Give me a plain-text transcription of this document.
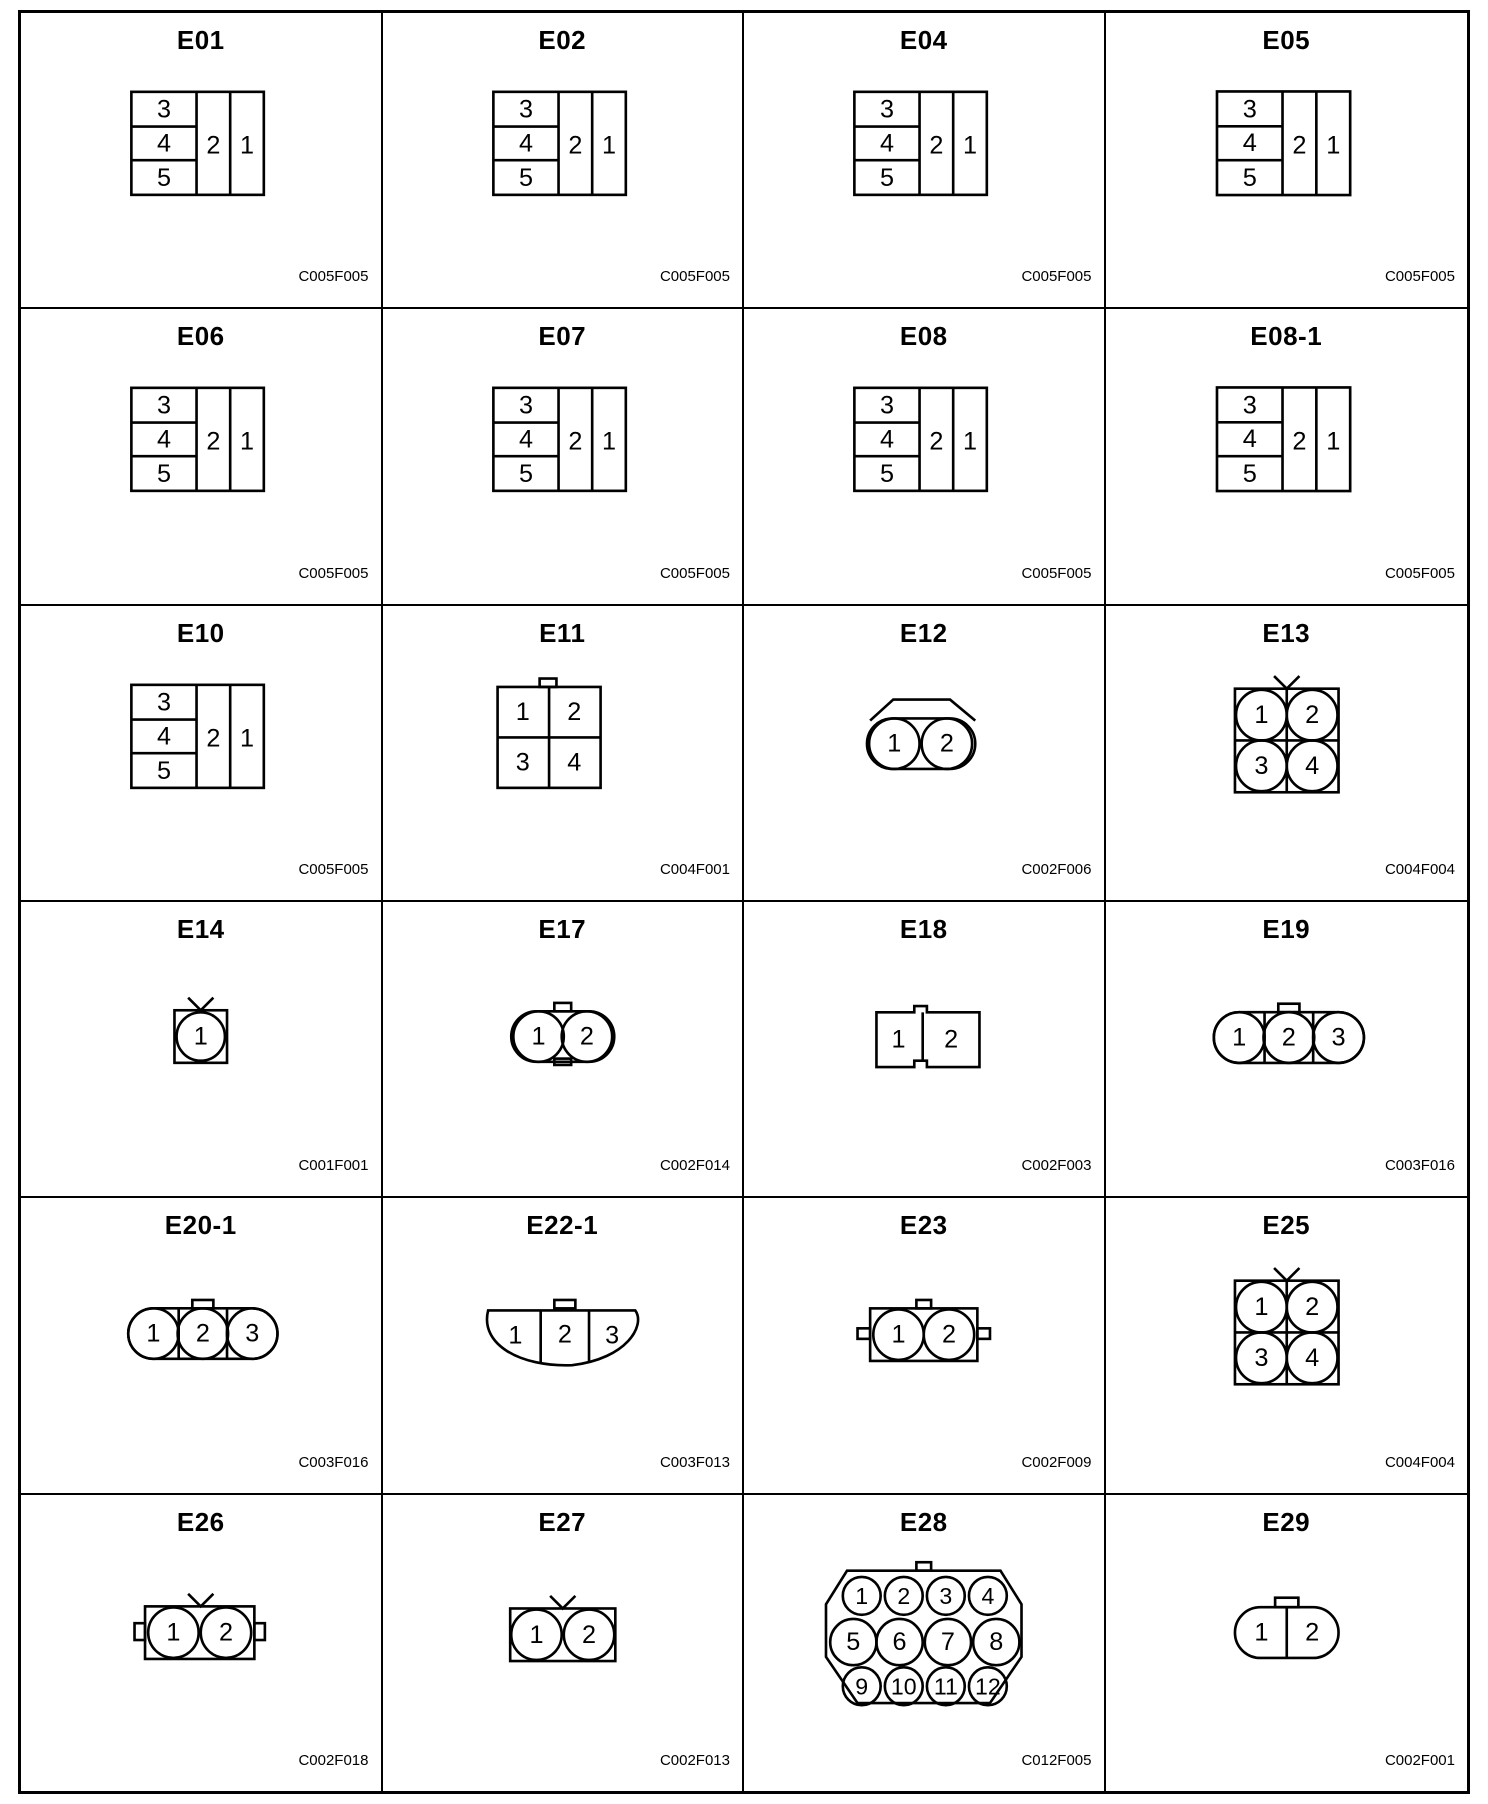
E01
3
4
5
2 1
C005F005
E02
3
4
5
2 1
C005F005
E04
3
4
5
2 1
C005F005
E05
3
4
5
2 1
C005F005
E06
3
4
5
2 1
C005F005
E07
3
4
5
2 1
C005F005
E08
3
4
5
2 1
C005F005
E08-1
3
4
5
2 1
C005F005
E10
3
4
5
2 1
C005F005
E11
1 2
3 4
C004F001
E12
1 2
C002F006
E13
1 2
3 4
C004F004
E14
1
C001F001
E17
1 2
C002F014
E18
1 2
C002F003
E19
1 2 3
C003F016
E20-1
1 2 3
C003F016
E22-1
1 2 3
C003F013
E23
1 2
C002F009
E25
1 2
3 4
C004F004
E26
1 2
C002F018
E27
1 2
C002F013
E28
1 2 3 4
5 6 7 8
9 10 11 12
C012F005
E29
1 2
C002F001
